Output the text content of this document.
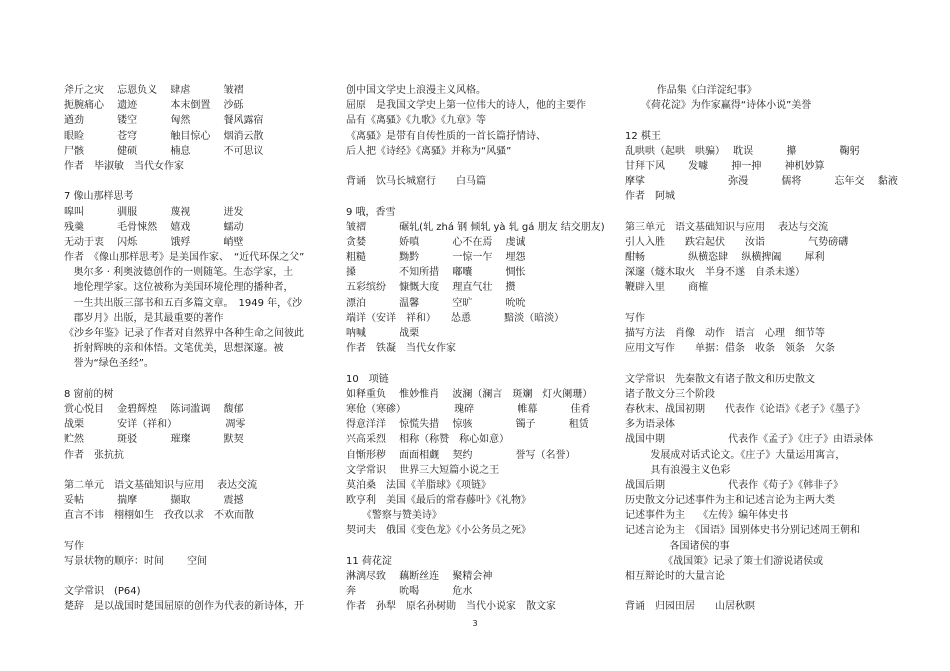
斧斤之灾　 忘恩负义　 肆虐　　　 皱褶
扼腕痛心　 遗迹　　　 本末倒置　 沙砾
遒劲　　　 镂空　　　 匈然　　　 餐风露宿
眼睑　　　 苍穹　　　 触目惊心　 烟消云散
尸骸　　　 健硕　　　 楠息　　　 不可思议
作者　毕淑敏　当代女作家
7 像山那样思考
嗥叫　　　 驯服　　　 蔑视　　　 迸发
残羹　　　 毛骨悚然　 嬉戏　　　 蠕动
无动于衷　 闪烁　　　 饿殍　　　 峭壁
作者　《像山那样思考》是美国作家、　“近代环保之父”
奥尔多 · 利奥波德创作的一则随笔。生态学家，土
地伦理学家。这位被称为美国环境伦理的播种者，
一生共出版三部书和五百多篇文章。　1949 年，《沙
郡岁月》出版，是其最重要的著作
《沙乡年鉴》记录了作者对自然界中各种生命之间彼此
折射辉映的亲和体悟。文笔优美，思想深邃。被
誉为“绿色圣经”。
8 窗前的树
赏心悦目　 金碧辉煌　 陈词滥调　 馥郁
战栗　　　 安详（祥和）　　　　　 凋零
贮然　　　 斑驳　　　 璀璨　　　 默契
作者　张抗抗
第二单元　语文基础知识与应用　 表达交流
妥帖　　　 揣摩　　　 撷取　　　 震撼
直言不讳　栩栩如生　孜孜以求　不欢而散
写作
写景状物的顺序：时间　　 空间
文学常识　(P64)
楚辞　是以战国时楚国屈原的创作为代表的新诗体，开
创中国文学史上浪漫主义风格。
屈原　是我国文学史上第一位伟大的诗人，他的主要作
品有《离骚》《九歌》《九章》等
《离骚》是带有自传性质的一首长篇抒情诗、
后人把《诗经》《离骚》并称为“风骚”
背诵　饮马长城窟行　　白马篇
9 哦，香雪
皱褶　　　 碾轧(轧 zhá 钢 倾轧 yà 轧 gá 朋友 结交朋友)
贪婪　　　 娇嗔　　　 心不在焉　 虔诚
粗糙　　　 黝黔　　　 一惊一乍　 埋怨
搡　　　　 不知所措　 嘟囔　　　 惆怅
五彩缤纷　 慷慨大度　 理直气壮　 攒
漂泊　　　 温馨　　　 空旷　　　 吮吮
端详（安详　祥和）　　怂恿　　　 黯淡（暗淡）
呐喊　　　 战栗
作者　铁凝　当代女作家
10　项链
如释重负　 惟妙惟肖　 波澜（澜言　斑斓　灯火阑珊）
寒伧（寒碜）　　　　　 瑰碎　　　　 帷幕　　　 佳肴
得意洋洋　 惊慌失措　 惊骇　　　　 镯子　　　 租赁
兴高采烈　 相称（称赞　称心如意）
自惭形秽　 面面相觑　 契约　　　　 誉写（名誉）
文学常识　 世界三大短篇小说之王
莫泊桑　法国《羊脂球》《项链》
欧亨利　美国《最后的常春藤叶》《礼物》
《警察与赞美诗》
契诃夫　俄国《变色龙》《小公务员之死》
11 荷花淀
淋漓尽致　 藕断丝连　 聚精会神
奔　　　　 吮喝　　　 危水
作者　孙犁　原名孙树勋　当代小说家　散文家
作品集《白洋淀纪事》
《荷花淀》为作家赢得“诗体小说”美誉
12 棋王
乱哄哄（起哄　哄骗）　 耽误　　　 攥　　　　 鞠躬
甘拜下风　　 发噱　　 抻一抻　　 神机妙算
摩挲　　　　　　　　 弥漫　　　 儒将　　　 忘年交　 黏液
作者　阿城
第三单元　语文基础知识与应用　 表达与交流
引人入胜　　跌宕起伏　　汝诣　　　　 气势磅礴
酣畅　　　　 纵横恣肆　 纵横捭阖　　 犀利
深邃（燧木取火　半身不遂　自杀未遂）
鞭辟入里　　 商榷
写作
描写方法　肖像　动作　语言　心理　细节等
应用文写作　　单据：借条　收条　领条　欠条
文学常识　先秦散文有诸子散文和历史散文
诸子散文分三个阶段
春秋末、战国初期　　代表作《论语》《老子》《墨子》
多为语录体
战国中期　　　　　　 代表作《孟子》《庄子》由语录体
发展成对话式论文。《庄子》大量运用寓言，
具有浪漫主义色彩
战国后期　　　　　　 代表作《荀子》《韩非子》
历史散文分记述事件为主和记述言论为主两大类
记述事件为主　 《左传》编年体史书
记述言论为主　《国语》国别体史书分别记述周王朝和
各国诸侯的事
《战国策》记录了策士们游说诸侯或
相互辩论时的大量言论
背诵　归园田居　　山居秋暝
3
